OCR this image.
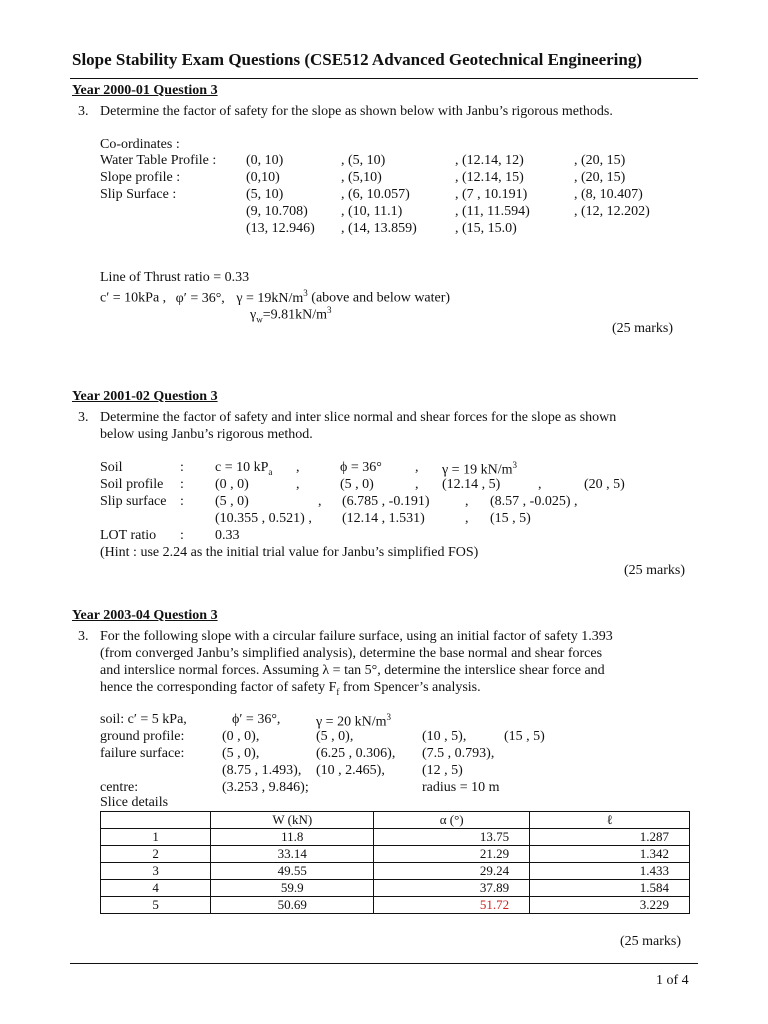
Slope Stability Exam Questions (CSE512 Advanced Geotechnical Engineering)
Year 2000-01 Question 3
3. Determine the factor of safety for the slope as shown below with Janbu’s rigorous methods.
Co-ordinates :
Water Table Profile : (0, 10)	, (5, 10)	, (12.14, 12)	, (20, 15)
Slope profile :	(0,10)	, (5,10)	, (12.14, 15)	, (20, 15)
Slip Surface :	(5, 10)	, (6, 10.057)	, (7 , 10.191)	, (8, 10.407)
(9, 10.708) , (10, 11.1)	, (11, 11.594)	, (12, 12.202)
(13, 12.946) , (14, 13.859)	, (15, 15.0)
Line of Thrust ratio = 0.33
c′ = 10kPa , φ′ = 36°, $\gamma = 19kN/m^3$ (above and below water)
$\gamma_w=9.81kN/m^3$
(25 marks)
Year 2001-02 Question 3
3. Determine the factor of safety and inter slice normal and shear forces for the slope as shown
below using Janbu’s rigorous method.
Soil	: c = 10 $kP_a$ ,	ϕ = 36° , γ = 19 $kN/m^3$
Soil profile : (0 , 0)	,	(5 , 0)	, (12.14 , 5)	,	(20 , 5)
Slip surface : (5 , 0)	, (6.785 , -0.191)	, (8.57 , -0.025) ,
(10.355 , 0.521) , (12.14 , 1.531)	, (15 , 5)
LOT ratio : 0.33
(Hint : use 2.24 as the initial trial value for Janbu’s simplified FOS)
(25 marks)
Year 2003-04 Question 3
3. For the following slope with a circular failure surface, using an initial factor of safety 1.393
(from converged Janbu’s simplified analysis), determine the base normal and shear forces
and interslice normal forces. Assuming λ = tan 5°, determine the interslice shear force and
hence the corresponding factor of safety $F_f$ from Spencer’s analysis.
soil: c′ = 5 kPa,	ϕ′ = 36°,	γ = 20 $kN/m^3$
ground profile:	(0 , 0),	(5 , 0),	(10 , 5),	(15 , 5)
failure surface:	(5 , 0),	(6.25 , 0.306), (7.5 , 0.793),
(8.75 , 1.493), (10 , 2.465),	(12 , 5)
centre:	(3.253 , 9.846);	radius = 10 m
Slice details
	W (kN)	α (°)	ℓ
1	11.8	13.75	1.287
2	33.14	21.29	1.342
3	49.55	29.24	1.433
4	59.9	37.89	1.584
5	50.69	51.72	3.229
(25 marks)
1 of 4
